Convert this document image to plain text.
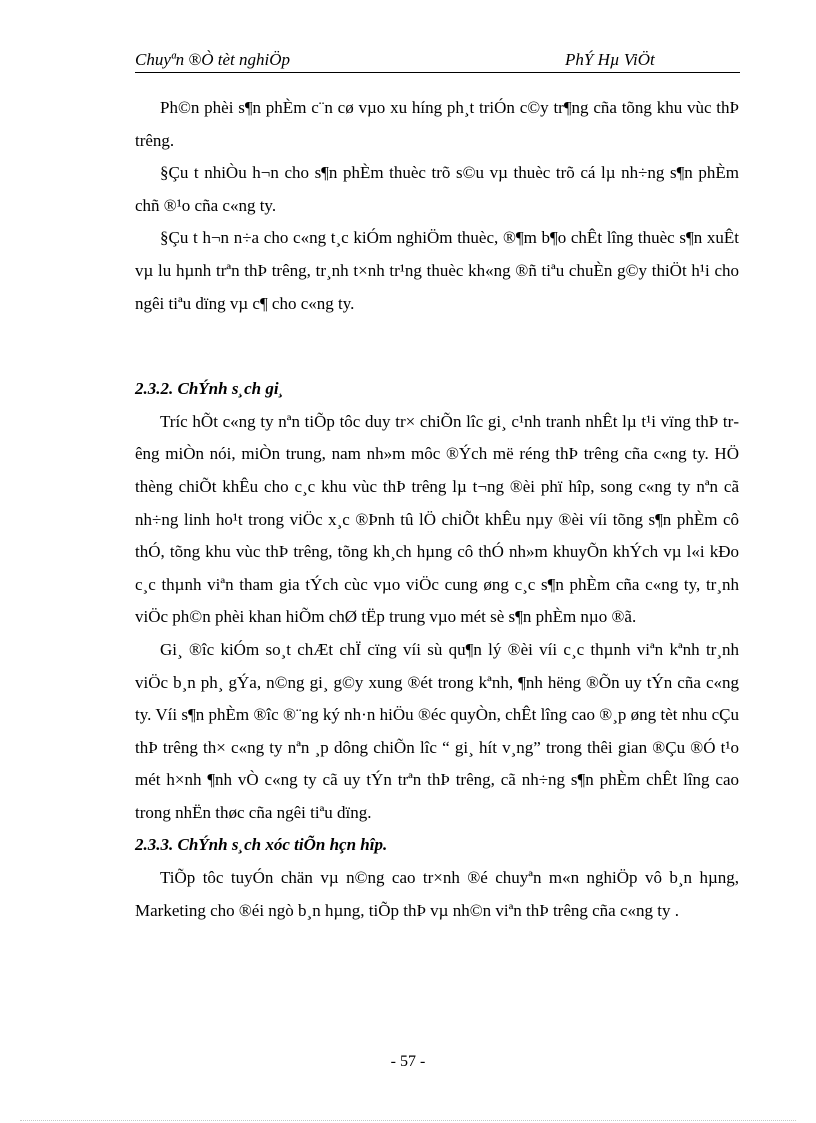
Chuyªn ®Ò tèt nghiÖp	PhÝ Hµ ViÖt

Ph©n phèi s¶n phÈm c¨n cø vµo xu híng ph¸t triÓn c©y tr¶ng cña tõng khu vùc thÞ trêng.

§Çu t nhiÒu h¬n cho s¶n phÈm thuèc trõ s©u vµ thuèc trõ cá lµ nh÷ng s¶n phÈm chñ ®¹o cña c«ng ty.

§Çu t h¬n n÷a cho c«ng t¸c kiÓm nghiÖm thuèc, ®¶m b¶o chÊt lîng thuèc s¶n xuÊt vµ lu hµnh trªn thÞ trêng, tr¸nh t×nh tr¹ng thuèc kh«ng ®ñ tiªu chuÈn g©y thiÖt h¹i cho ngêi tiªu dïng vµ c¶ cho c«ng ty.

2.3.2. ChÝnh s¸ch gi¸

Tríc hÕt c«ng ty nªn tiÕp tôc duy tr× chiÕn lîc gi¸ c¹nh tranh nhÊt lµ t¹i vïng thÞ trêng miÒn nói, miÒn trung, nam nh»m môc ®Ých më réng thÞ trêng cña c«ng ty. HÖ thèng chiÕt khÊu cho c¸c khu vùc thÞ trêng lµ t¬ng ®èi phï hîp, song c«ng ty nªn cã nh÷ng linh ho¹t trong viÖc x¸c ®Þnh tû lÖ chiÕt khÊu nµy ®èi víi tõng s¶n phÈm cô thÓ, tõng khu vùc thÞ trêng, tõng kh¸ch hµng cô thÓ nh»m khuyÕn khÝch vµ l«i kÐo c¸c thµnh viªn tham gia tÝch cùc vµo viÖc cung øng c¸c s¶n phÈm cña c«ng ty, tr¸nh viÖc ph©n phèi khan hiÕm chØ tËp trung vµo mét sè s¶n phÈm nµo ®ã.

Gi¸ ®îc kiÓm so¸t chÆt chÏ cïng víi sù qu¶n lý ®èi víi c¸c thµnh viªn kªnh tr¸nh viÖc b¸n ph¸ gÝa, n©ng gi¸ g©y xung ®ét trong kªnh, ¶nh hëng ®Õn uy tÝn cña c«ng ty. Víi s¶n phÈm ®îc ®¨ng ký nh·n hiÖu ®éc quyÒn, chÊt lîng cao ®¸p øng tèt nhu cÇu thÞ trêng th× c«ng ty nªn ¸p dông chiÕn lîc “ gi¸ hít v¸ng” trong thêi gian ®Çu ®Ó t¹o mét h×nh ¶nh vÒ c«ng ty cã uy tÝn trªn thÞ trêng, cã nh÷ng s¶n phÈm chÊt lîng cao trong nhËn thøc cña ngêi tiªu dïng.

2.3.3. ChÝnh s¸ch xóc tiÕn hçn hîp.

TiÕp tôc tuyÓn chän vµ n©ng cao tr×nh ®é chuyªn m«n nghiÖp vô b¸n hµng, Marketing cho ®éi ngò b¸n hµng, tiÕp thÞ vµ nh©n viªn thÞ trêng cña c«ng ty .

- 57 -
